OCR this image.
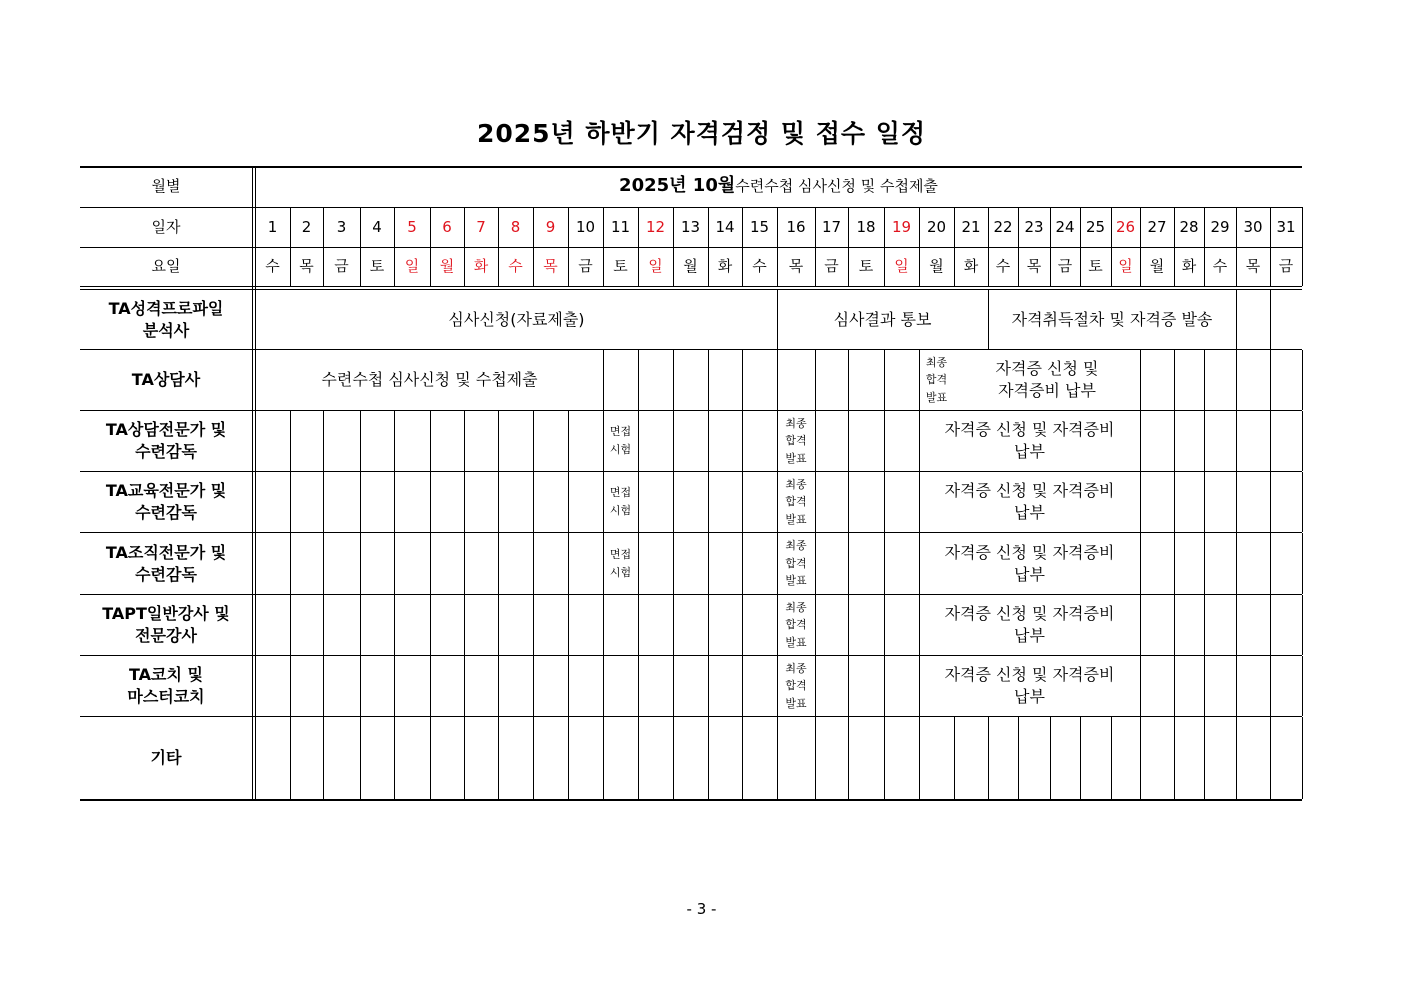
2025년 하반기 자격검정 및 접수 일정
월별
일자
요일
2025년 10월 수련수첩 심사신청 및 수첩제출
1
수
2
목
3
금
4
토
5
일
6
월
7
화
8
수
9
목
10
금
11
토
12
일
13
월
14
화
15
수
16
목
17
금
18
토
19
일
20
월
21
화
22
수
23
목
24
금
25
토
26
일
27
월
28
화
29
수
30
목
31
금
TA성격프로파일
분석사
TA상담사
TA상담전문가 및
수련감독
TA교육전문가 및
수련감독
TA조직전문가 및
수련감독
TAPT일반강사 및
전문강사
TA코치 및
마스터코치
기타
심사신청(자료제출)	심사결과 통보	자격취득절차 및 자격증 발송
수련수첩 심사신청 및 수첩제출
최종
합격
발표
자격증 신청 및
자격증비 납부
면접
시험
최종
합격
발표
자격증 신청 및 자격증비
납부
면접
시험
최종
합격
발표
자격증 신청 및 자격증비
납부
면접
시험
최종
합격
발표
자격증 신청 및 자격증비
납부
최종
합격
발표
자격증 신청 및 자격증비
납부
최종
합격
발표
자격증 신청 및 자격증비
납부
- 3 -
